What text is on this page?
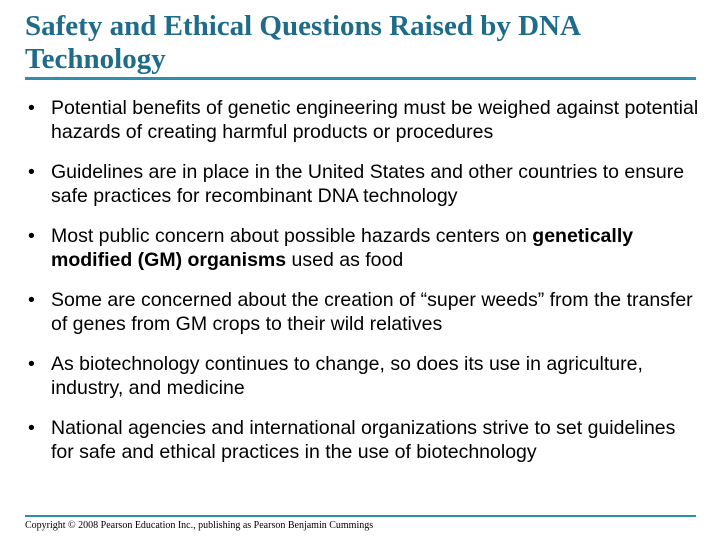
Safety and Ethical Questions Raised by DNA Technology
• Potential benefits of genetic engineering must be weighed against potential hazards of creating harmful products or procedures
• Guidelines are in place in the United States and other countries to ensure safe practices for recombinant DNA technology
• Most public concern about possible hazards centers on genetically modified (GM) organisms used as food
• Some are concerned about the creation of “super weeds” from the transfer of genes from GM crops to their wild relatives
• As biotechnology continues to change, so does its use in agriculture, industry, and medicine
• National agencies and international organizations strive to set guidelines for safe and ethical practices in the use of biotechnology
Copyright © 2008 Pearson Education Inc., publishing as Pearson Benjamin Cummings
